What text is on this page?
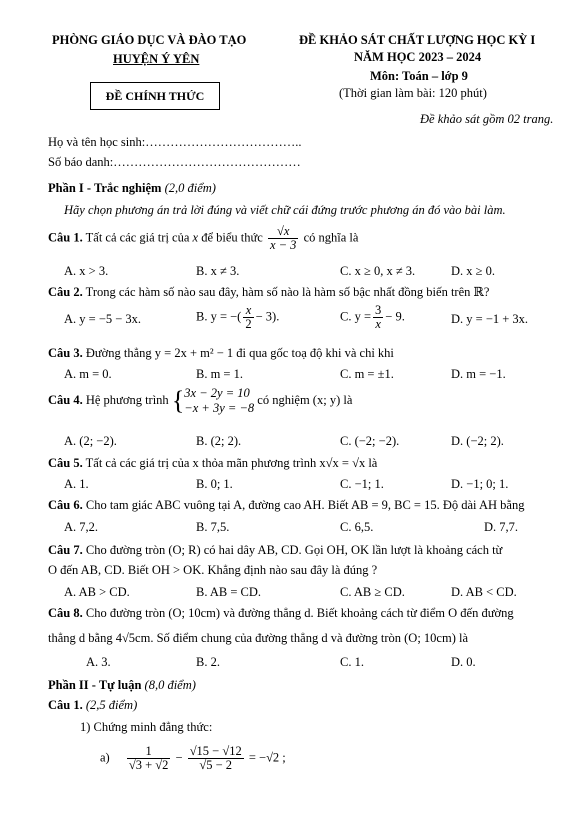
PHÒNG GIÁO DỤC VÀ ĐÀO TẠO
HUYỆN Ý YÊN
ĐỀ CHÍNH THỨC
ĐỀ KHẢO SÁT CHẤT LƯỢNG HỌC KỲ I
NĂM HỌC 2023 – 2024
Môn: Toán – lớp 9
(Thời gian làm bài: 120 phút)
Đề khảo sát gồm 02 trang.
Họ và tên học sinh:………………………………..
Số báo danh:………………………………………
Phần I - Trắc nghiệm (2,0 điểm)
Hãy chọn phương án trả lời đúng và viết chữ cái đứng trước phương án đó vào bài làm.
Câu 1. Tất cả các giá trị của x để biểu thức $\frac{√x}{x - 3}$ có nghĩa là
A. x > 3.	B. x ≠ 3.	C. x ≥ 0, x ≠ 3.	D. x ≥ 0.
Câu 2. Trong các hàm số nào sau đây, hàm số nào là hàm số bậc nhất đồng biến trên ℝ?
A. y = −5 − 3x.	B. y = −( $\frac{x}{2} - 3$).	C. $y = \frac{3}{x} - 9$.	D. y = −1 + 3x.
Câu 3. Đường thẳng y = 2x + m² − 1 đi qua gốc toạ độ khi và chỉ khi
A. m = 0.	B. m = 1.	C. m = ±1.	D. m = −1.
Câu 4. Hệ phương trình { 3x − 2y = 10
−x + 3y = −8
có nghiệm (x; y) là
A. (2; −2).	B. (2; 2).	C. (−2; −2).	D. (−2; 2).
Câu 5. Tất cả các giá trị của x thỏa mãn phương trình x√x = √x là
A. 1.	B. 0; 1.	C. −1; 1.	D. −1; 0; 1.
Câu 6. Cho tam giác ABC vuông tại A, đường cao AH. Biết AB = 9, BC = 15. Độ dài AH bằng
A. 7,2.	B. 7,5.	C. 6,5.	D. 7,7.
Câu 7. Cho đường tròn (O; R) có hai dây AB, CD. Gọi OH, OK lần lượt là khoảng cách từ
O đến AB, CD. Biết OH > OK. Khẳng định nào sau đây là đúng ?
A. AB > CD.	B. AB = CD.	C. AB ≥ CD.	D. AB < CD.
Câu 8. Cho đường tròn (O; 10cm) và đường thẳng d. Biết khoảng cách từ điểm O đến đường
thẳng d bằng 4√5cm. Số điểm chung của đường thẳng d và đường tròn (O; 10cm) là
A. 3.	B. 2.	C. 1.	D. 0.
Phần II - Tự luận (8,0 điểm)
Câu 1. (2,5 điểm)
1) Chứng minh đẳng thức:
$a) \frac{1}{√3 + √2} - \frac{√15 - √12}{√5 - 2} = -√2$ ;
